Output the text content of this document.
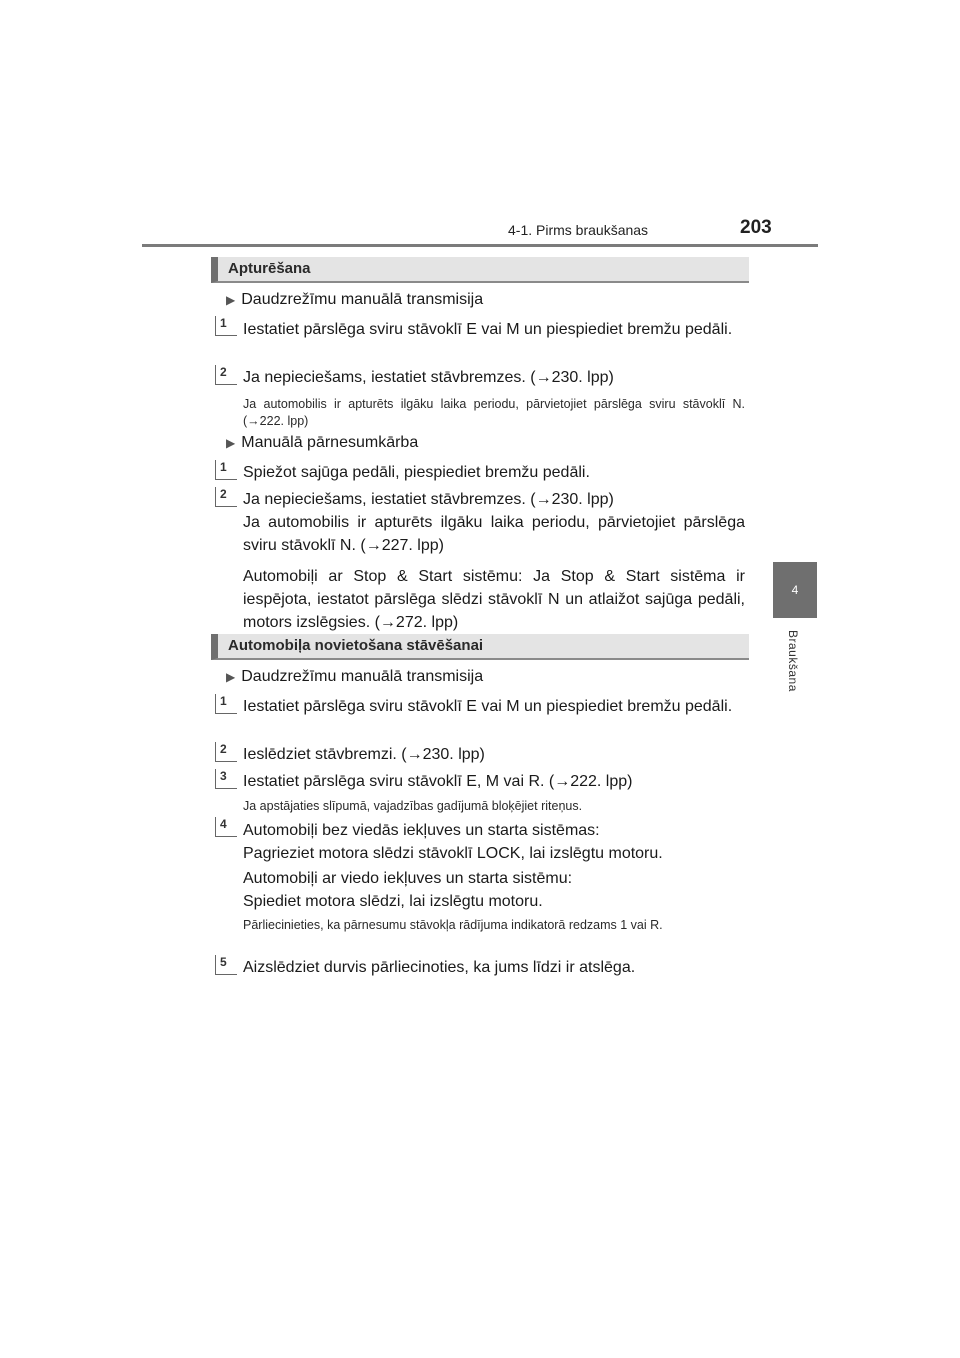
4-1. Pirms braukšanas	203
4
Braukšana
Apturēšana
▶ Daudzrežīmu manuālā transmisija
1 Iestatiet pārslēga sviru stāvoklī E vai M un piespiediet bremžu pedāli.
2 Ja nepieciešams, iestatiet stāvbremzes. (→230. lpp)
Ja automobilis ir apturēts ilgāku laika periodu, pārvietojiet pārslēga sviru stāvoklī N. (→222. lpp)
▶ Manuālā pārnesumkārba
1 Spiežot sajūga pedāli, piespiediet bremžu pedāli.
2 Ja nepieciešams, iestatiet stāvbremzes. (→230. lpp)
Ja automobilis ir apturēts ilgāku laika periodu, pārvietojiet pārslēga sviru stāvoklī N. (→227. lpp)
Automobiļi ar Stop & Start sistēmu: Ja Stop & Start sistēma ir iespējota, iestatot pārslēga slēdzi stāvoklī N un atlaižot sajūga pedāli, motors izslēgsies. (→272. lpp)
Automobiļa novietošana stāvēšanai
▶ Daudzrežīmu manuālā transmisija
1 Iestatiet pārslēga sviru stāvoklī E vai M un piespiediet bremžu pedāli.
2 Ieslēdziet stāvbremzi. (→230. lpp)
3 Iestatiet pārslēga sviru stāvoklī E, M vai R. (→222. lpp)
Ja apstājaties slīpumā, vajadzības gadījumā bloķējiet riteņus.
4 Automobiļi bez viedās iekļuves un starta sistēmas:
Pagrieziet motora slēdzi stāvoklī LOCK, lai izslēgtu motoru.
Automobiļi ar viedo iekļuves un starta sistēmu:
Spiediet motora slēdzi, lai izslēgtu motoru.
Pārliecinieties, ka pārnesumu stāvokļa rādījuma indikatorā redzams 1 vai R.
5 Aizslēdziet durvis pārliecinoties, ka jums līdzi ir atslēga.
